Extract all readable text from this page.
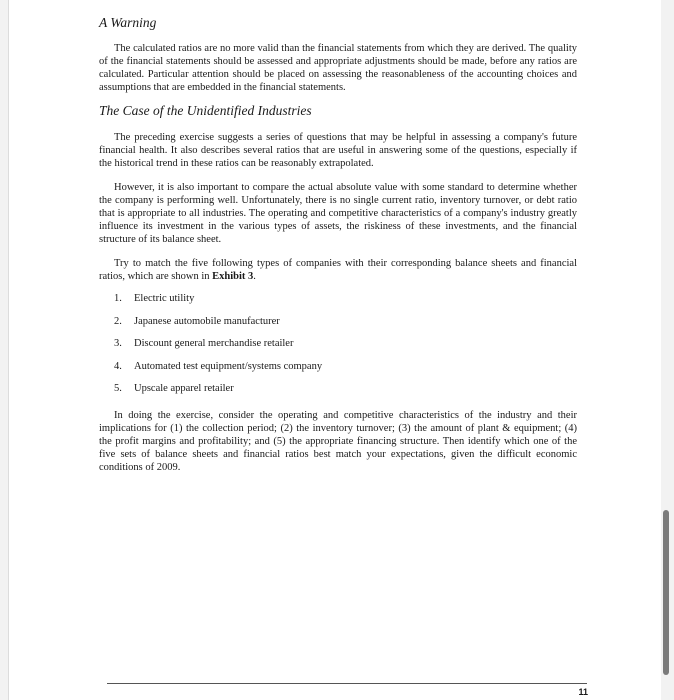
A Warning

The calculated ratios are no more valid than the financial statements from which they are derived. The quality of the financial statements should be assessed and appropriate adjustments should be made, before any ratios are calculated. Particular attention should be placed on assessing the reasonableness of the accounting choices and assumptions that are embedded in the financial statements.

The Case of the Unidentified Industries

The preceding exercise suggests a series of questions that may be helpful in assessing a company's future financial health. It also describes several ratios that are useful in answering some of the questions, especially if the historical trend in these ratios can be reasonably extrapolated.

However, it is also important to compare the actual absolute value with some standard to determine whether the company is performing well. Unfortunately, there is no single current ratio, inventory turnover, or debt ratio that is appropriate to all industries. The operating and competitive characteristics of a company's industry greatly influence its investment in the various types of assets, the riskiness of these investments, and the financial structure of its balance sheet.

Try to match the five following types of companies with their corresponding balance sheets and financial ratios, which are shown in Exhibit 3.

1. Electric utility
2. Japanese automobile manufacturer
3. Discount general merchandise retailer
4. Automated test equipment/systems company
5. Upscale apparel retailer

In doing the exercise, consider the operating and competitive characteristics of the industry and their implications for (1) the collection period; (2) the inventory turnover; (3) the amount of plant & equipment; (4) the profit margins and profitability; and (5) the appropriate financing structure. Then identify which one of the five sets of balance sheets and financial ratios best match your expectations, given the difficult economic conditions of 2009.

11
